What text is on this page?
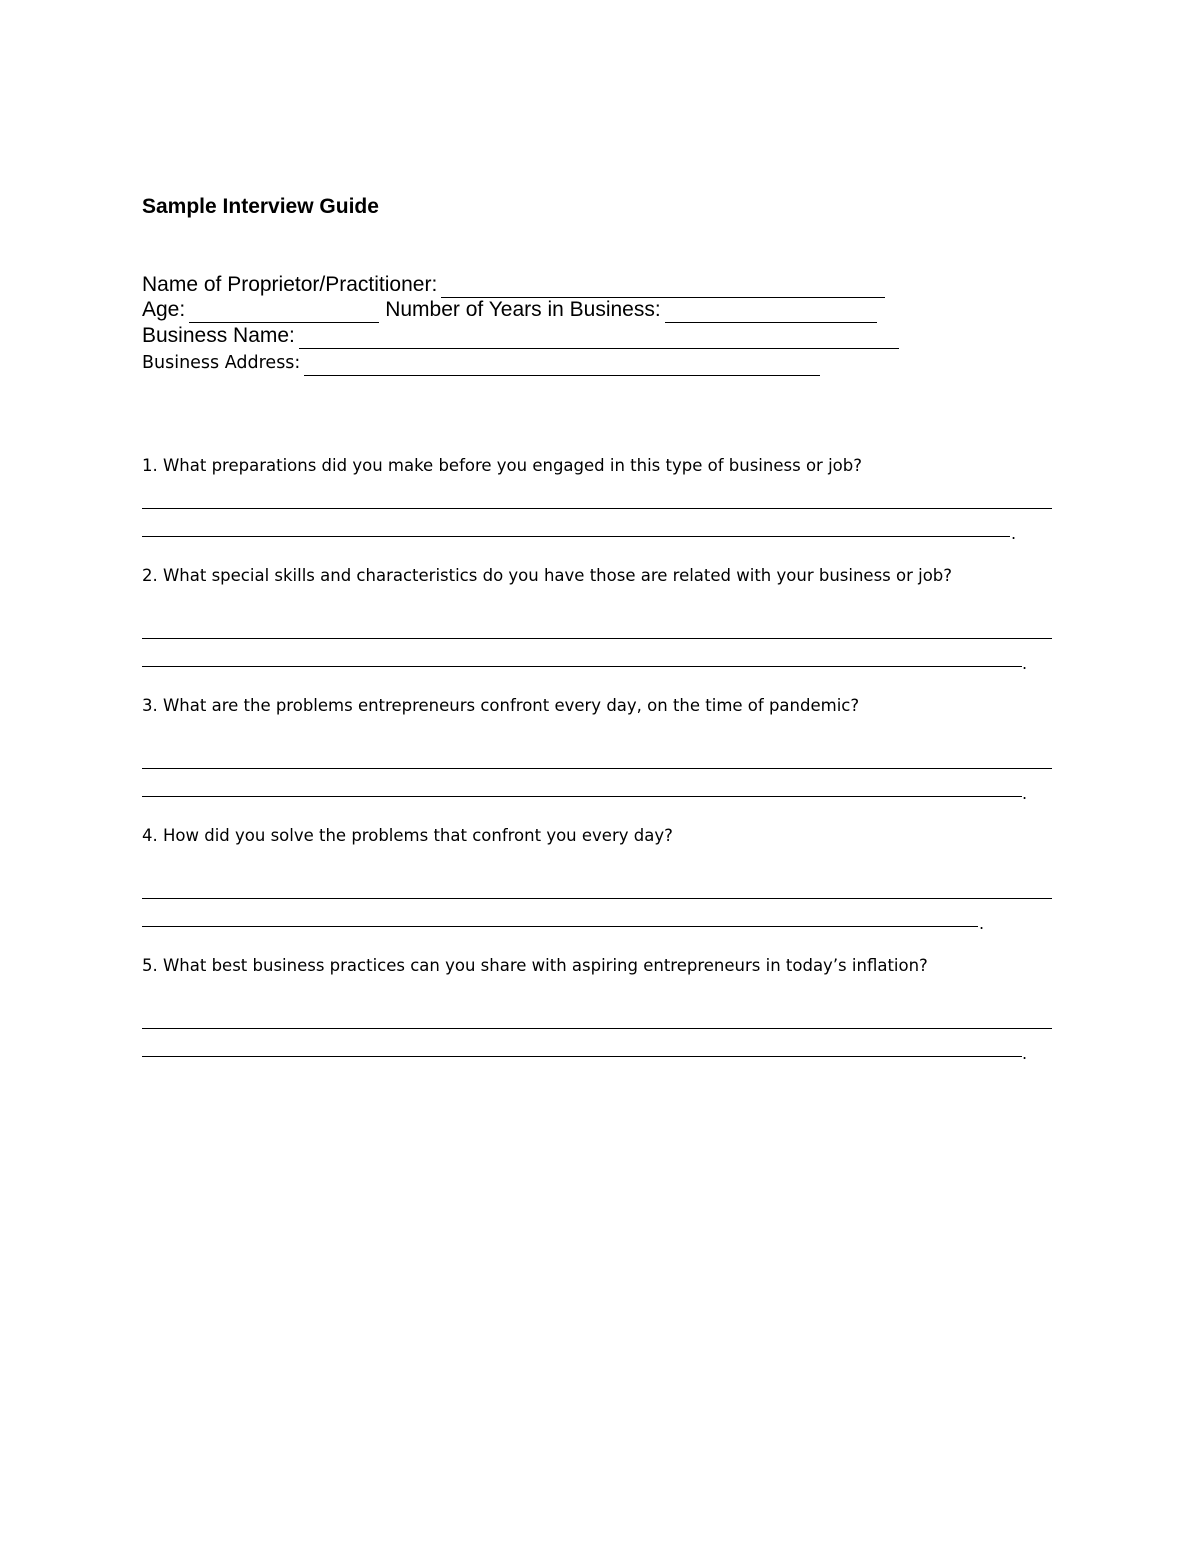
Sample Interview Guide
Name of Proprietor/Practitioner:
Age:	Number of Years in Business:
Business Name:
Business Address:
1. What preparations did you make before you engaged in this type of business or job?
.
2. What special skills and characteristics do you have those are related with your business or job?
.
3. What are the problems entrepreneurs confront every day, on the time of pandemic?
.
4. How did you solve the problems that confront you every day?
.
5. What best business practices can you share with aspiring entrepreneurs in today’s inflation?
.
